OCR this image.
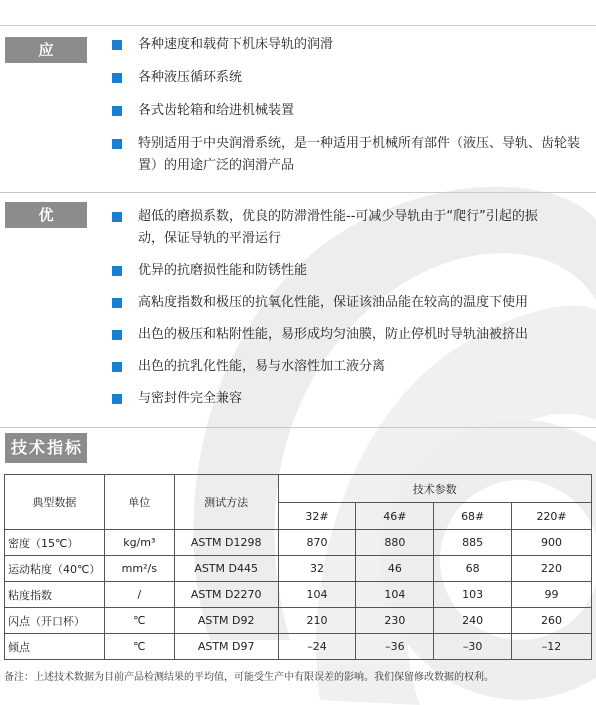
应用
各种速度和载荷下机床导轨的润滑
各种液压循环系统
各式齿轮箱和给进机械装置
特别适用于中央润滑系统，是一种适用于机械所有部件（液压、导轨、齿轮装
置）的用途广泛的润滑产品
优势
超低的磨损系数，优良的防滞滑性能--可减少导轨由于“爬行”引起的振
动，保证导轨的平滑运行
优异的抗磨损性能和防锈性能
高粘度指数和极压的抗氧化性能，保证该油品能在较高的温度下使用
出色的极压和粘附性能，易形成均匀油膜，防止停机时导轨油被挤出
出色的抗乳化性能，易与水溶性加工液分离
与密封件完全兼容
技术指标
典型数据	单位	测试方法	技术参数			
			32#	46#	68#	220#
密度（15℃）	kg/m³	ASTM D1298	870	880	885	900
运动粘度（40℃）	mm²/s	ASTM D445	32	46	68	220
粘度指数	/	ASTM D2270	104	104	103	99
闪点（开口杯）	℃	ASTM D92	210	230	240	260
倾点	℃	ASTM D97	–24	–36	–30	–12
备注：上述技术数据为目前产品检测结果的平均值，可能受生产中有限误差的影响。我们保留修改数据的权利。
